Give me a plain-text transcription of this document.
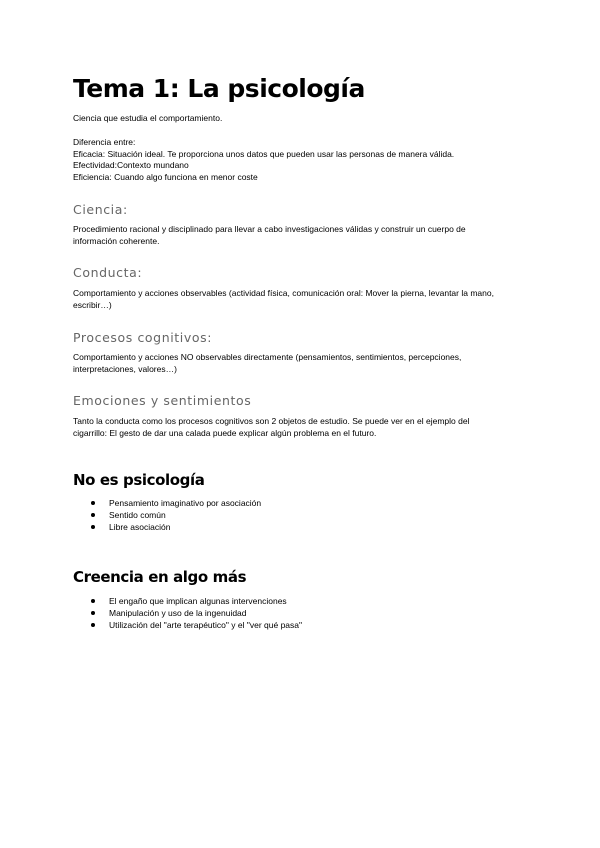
Tema 1: La psicología

Ciencia que estudia el comportamiento.

Diferencia entre:
Eficacia: Situación ideal. Te proporciona unos datos que pueden usar las personas de manera válida.
Efectividad:Contexto mundano
Eficiencia: Cuando algo funciona en menor coste

Ciencia:

Procedimiento racional y disciplinado para llevar a cabo investigaciones válidas y construir un cuerpo de
información coherente.

Conducta:

Comportamiento y acciones observables (actividad física, comunicación oral: Mover la pierna, levantar la mano,
escribir…)

Procesos cognitivos:

Comportamiento y acciones NO observables directamente (pensamientos, sentimientos, percepciones,
interpretaciones, valores…)

Emociones y sentimientos

Tanto la conducta como los procesos cognitivos son 2 objetos de estudio. Se puede ver en el ejemplo del
cigarrillo: El gesto de dar una calada puede explicar algún problema en el futuro.

No es psicología
Pensamiento imaginativo por asociación
Sentido común
Libre asociación
Creencia en algo más
El engaño que implican algunas intervenciones
Manipulación y uso de la ingenuidad
Utilización del "arte terapéutico" y el "ver qué pasa"
